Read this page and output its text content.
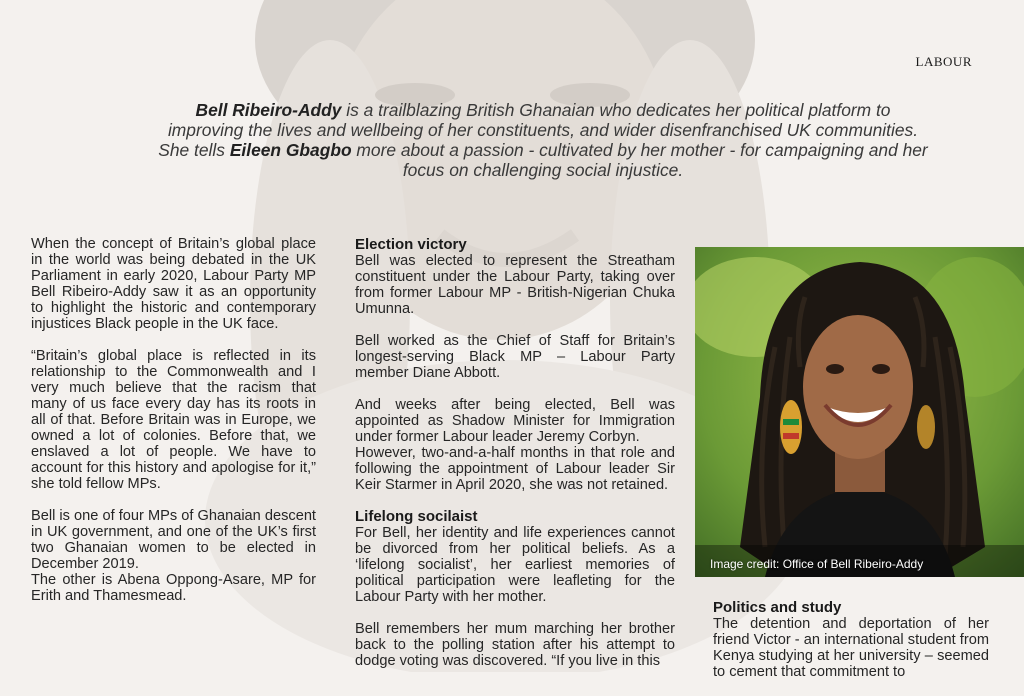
LABOUR
Bell Ribeiro-Addy is a trailblazing British Ghanaian who dedicates her political platform to improving the lives and wellbeing of her constituents, and wider disenfranchised UK communities. She tells Eileen Gbagbo more about a passion - cultivated by her mother - for campaigning and her focus on challenging social injustice.

When the concept of Britain’s global place in the world was being debated in the UK Parliament in early 2020, Labour Party MP Bell Ribeiro-Addy saw it as an opportunity to highlight the historic and contemporary injustices Black people in the UK face.

“Britain’s global place is reflected in its relationship to the Commonwealth and I very much believe that the racism that many of us face every day has its roots in all of that. Before Britain was in Europe, we owned a lot of colonies. Before that, we enslaved a lot of people. We have to account for this history and apologise for it,” she told fellow MPs.

Bell is one of four MPs of Ghanaian descent in UK government, and one of the UK’s first two Ghanaian women to be elected in December 2019.

The other is Abena Oppong-Asare, MP for Erith and Thamesmead.

Election victory

Bell was elected to represent the Streatham constituent under the Labour Party, taking over from former Labour MP - British-Nigerian Chuka Umunna.

Bell worked as the Chief of Staff for Britain’s longest-serving Black MP – Labour Party member Diane Abbott.

And weeks after being elected, Bell was appointed as Shadow Minister for Immigration under former Labour leader Jeremy Corbyn.

However, two-and-a-half months in that role and following the appointment of Labour leader Sir Keir Starmer in April 2020, she was not retained.

Lifelong socilaist

For Bell, her identity and life experiences cannot be divorced from her political beliefs. As a ‘lifelong socialist’, her earliest memories of political participation were leafleting for the Labour Party with her mother.

Bell remembers her mum marching her brother back to the polling station after his attempt to dodge voting was discovered. “If you live in this

Image credit: Office of Bell Ribeiro-Addy
Politics and study

The detention and deportation of her friend Victor - an international student from Kenya studying at her university – seemed to cement that commitment to
